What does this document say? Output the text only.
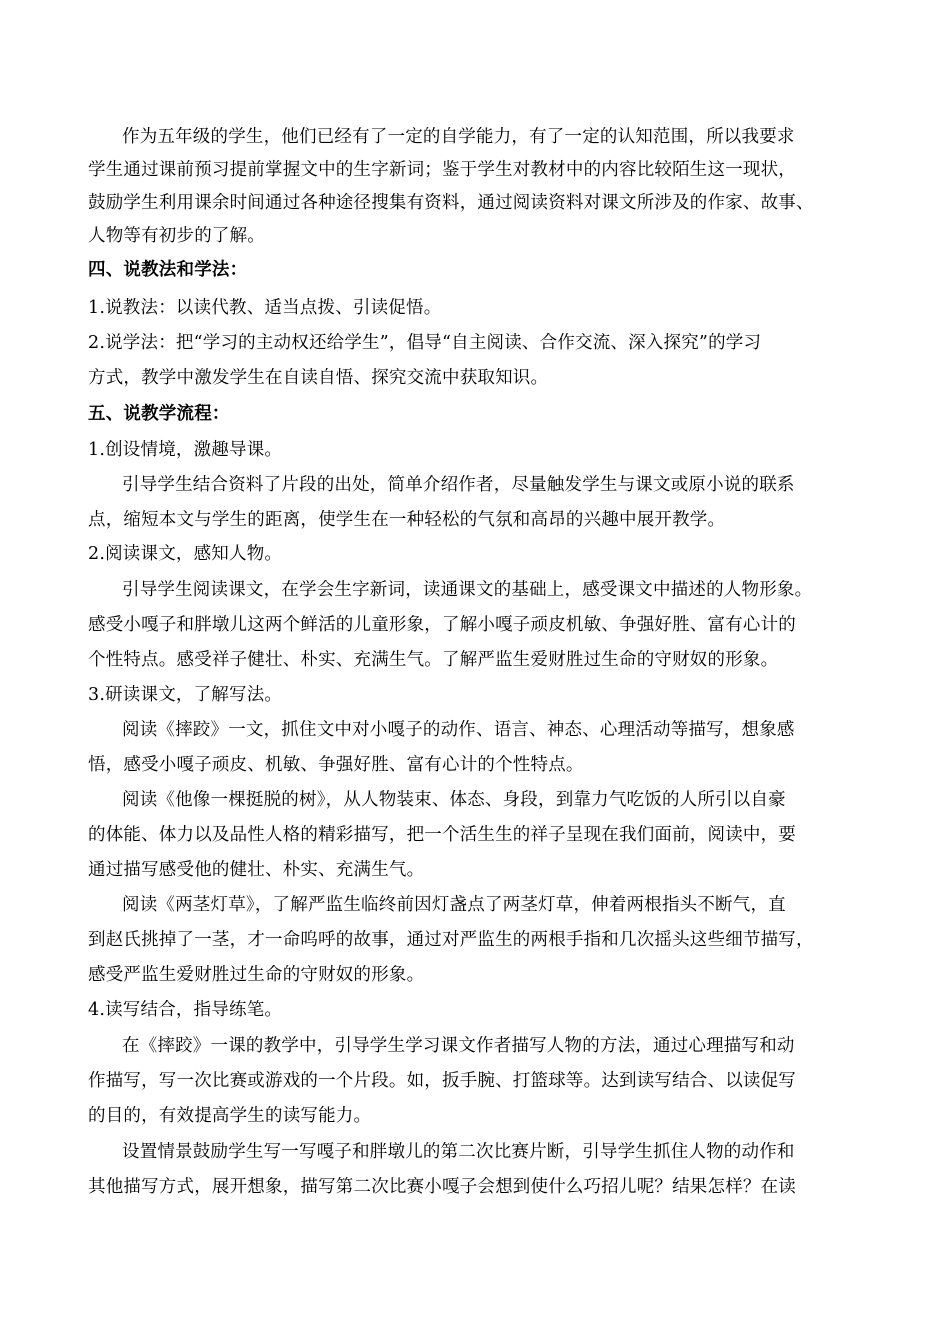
作为五年级的学生，他们已经有了一定的自学能力，有了一定的认知范围，所以我要求
学生通过课前预习提前掌握文中的生字新词；鉴于学生对教材中的内容比较陌生这一现状，
鼓励学生利用课余时间通过各种途径搜集有资料，通过阅读资料对课文所涉及的作家、故事、
人物等有初步的了解。
四、说教法和学法：
1.说教法：以读代教、适当点拨、引读促悟。
2.说学法：把“学习的主动权还给学生”，倡导“自主阅读、合作交流、深入探究”的学习
方式，教学中激发学生在自读自悟、探究交流中获取知识。
五、说教学流程：
1.创设情境，激趣导课。
引导学生结合资料了片段的出处，简单介绍作者，尽量触发学生与课文或原小说的联系
点，缩短本文与学生的距离，使学生在一种轻松的气氛和高昂的兴趣中展开教学。
2.阅读课文，感知人物。
引导学生阅读课文，在学会生字新词，读通课文的基础上，感受课文中描述的人物形象。
感受小嘎子和胖墩儿这两个鲜活的儿童形象，了解小嘎子顽皮机敏、争强好胜、富有心计的
个性特点。感受祥子健壮、朴实、充满生气。了解严监生爱财胜过生命的守财奴的形象。
3.研读课文，了解写法。
阅读《摔跤》一文，抓住文中对小嘎子的动作、语言、神态、心理活动等描写，想象感
悟，感受小嘎子顽皮、机敏、争强好胜、富有心计的个性特点。
阅读《他像一棵挺脱的树》，从人物装束、体态、身段，到靠力气吃饭的人所引以自豪
的体能、体力以及品性人格的精彩描写，把一个活生生的祥子呈现在我们面前，阅读中，要
通过描写感受他的健壮、朴实、充满生气。
阅读《两茎灯草》，了解严监生临终前因灯盏点了两茎灯草，伸着两根指头不断气，直
到赵氏挑掉了一茎，才一命呜呼的故事，通过对严监生的两根手指和几次摇头这些细节描写，
感受严监生爱财胜过生命的守财奴的形象。
4.读写结合，指导练笔。
在《摔跤》一课的教学中，引导学生学习课文作者描写人物的方法，通过心理描写和动
作描写，写一次比赛或游戏的一个片段。如，扳手腕、打篮球等。达到读写结合、以读促写
的目的，有效提高学生的读写能力。
设置情景鼓励学生写一写嘎子和胖墩儿的第二次比赛片断，引导学生抓住人物的动作和
其他描写方式，展开想象，描写第二次比赛小嘎子会想到使什么巧招儿呢？结果怎样？在读
